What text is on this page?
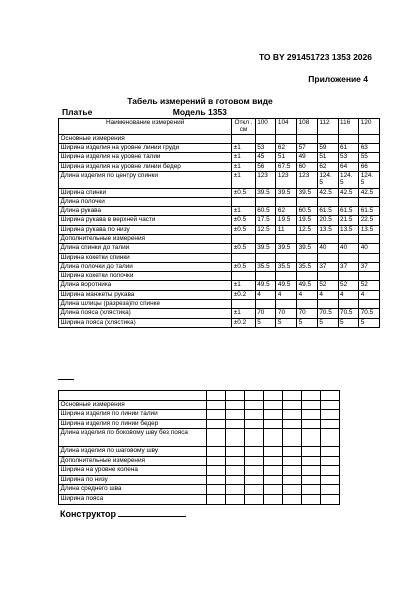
ТО BY 291451723 1353 2026
Приложение 4
Табель измерений в готовом виде
Платье	Модель 1353
Наименование измерений	Откл . см	100	104	108	112	116	120
Основные измерения							
Ширина изделия на уровне линии груди	±1	53	62	57	59	61	63
Ширина изделия на уровне талии	±1	45	51	49	51	53	55
Ширина изделия на уровне линии бедер	±1	56	67.5	60	62	64	66
Длина изделия по центру спинки	±1	123	123	123	124. 5	124. 5	124. 5
Ширина спинки	±0.5	39.5	39.5	39.5	42.5	42.5	42.5
Длина полочки							
Длина рукава	±1	60.5	62	60.5	61.5	61.5	61.5
Ширина рукава в верхней части	±0.5	17.5	19.5	19.5	20.5	21.5	22.5
Ширина рукава по низу	±0.5	12.5	11	12.5	13.5	13.5	13.5
Дополнительные измерения							
Длина спинки до талии	±0.5	39.5	39.5	39.5	40	40	40
Ширина кокетки спинки							
Длина полочки до талии	±0.5	35.5	35.5	35.5	37	37	37
Ширина кокетки полочки							
Длина воротника	±1	49.5	49.5	49.5	52	52	52
Ширина манжеты рукава	±0.2	4	4	4	4	4	4
Длина шлицы (разреза)по спинке							
Длина пояса (хлястика)	±1	70	70	70	70.5	70.5	70.5
Ширина пояса (хлястика)	±0.2	5	5	5	5	5	5

Основные измерения							
Ширина изделия по линии талии							
Ширина изделия по линии бедер							
Длина изделия по боковому шву без пояса							
Длина изделия по шаговому шву							
Дополнительные измерения							
Ширина на уровне колена							
Ширина по низу							
Длина среднего шва							
Ширина пояса							
Конструктор
